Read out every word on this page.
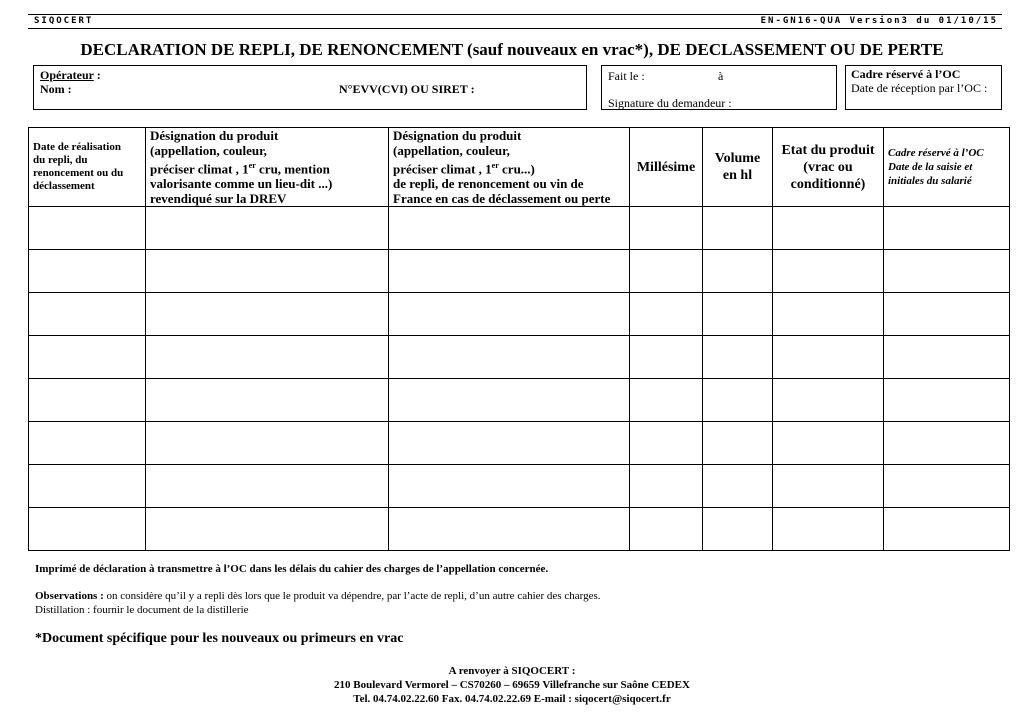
SIQOCERT	EN-GN16-QUA Version3 du 01/10/15
DECLARATION DE REPLI, DE RENONCEMENT (sauf nouveaux en vrac*), DE DECLASSEMENT OU DE PERTE
Opérateur :
Nom :	N°EVV(CVI) OU SIRET :
Fait le :	à
Signature du demandeur :
Cadre réservé à l’OC
Date de réception par l’OC :
Date de réalisation
du repli, du
renoncement ou du
déclassement	Désignation du produit
(appellation, couleur,
préciser climat , 1er cru, mention
valorisante comme un lieu-dit ...)
revendiqué sur la DREV	Désignation du produit
(appellation, couleur,
préciser climat , 1er cru...)
de repli, de renoncement ou vin de
France en cas de déclassement ou perte	Millésime	Volume
en hl	Etat du produit
(vrac ou
conditionné)	Cadre réservé à l’OC
Date de la saisie et
initiales du salarié

Imprimé de déclaration à transmettre à l’OC dans les délais du cahier des charges de l’appellation concernée.
Observations : on considère qu’il y a repli dès lors que le produit va dépendre, par l’acte de repli, d’un autre cahier des charges.
Distillation : fournir le document de la distillerie
*Document spécifique pour les nouveaux ou primeurs en vrac
A renvoyer à SIQOCERT :
210 Boulevard Vermorel – CS70260 – 69659 Villefranche sur Saône CEDEX
Tel. 04.74.02.22.60 Fax. 04.74.02.22.69 E-mail : siqocert@siqocert.fr
